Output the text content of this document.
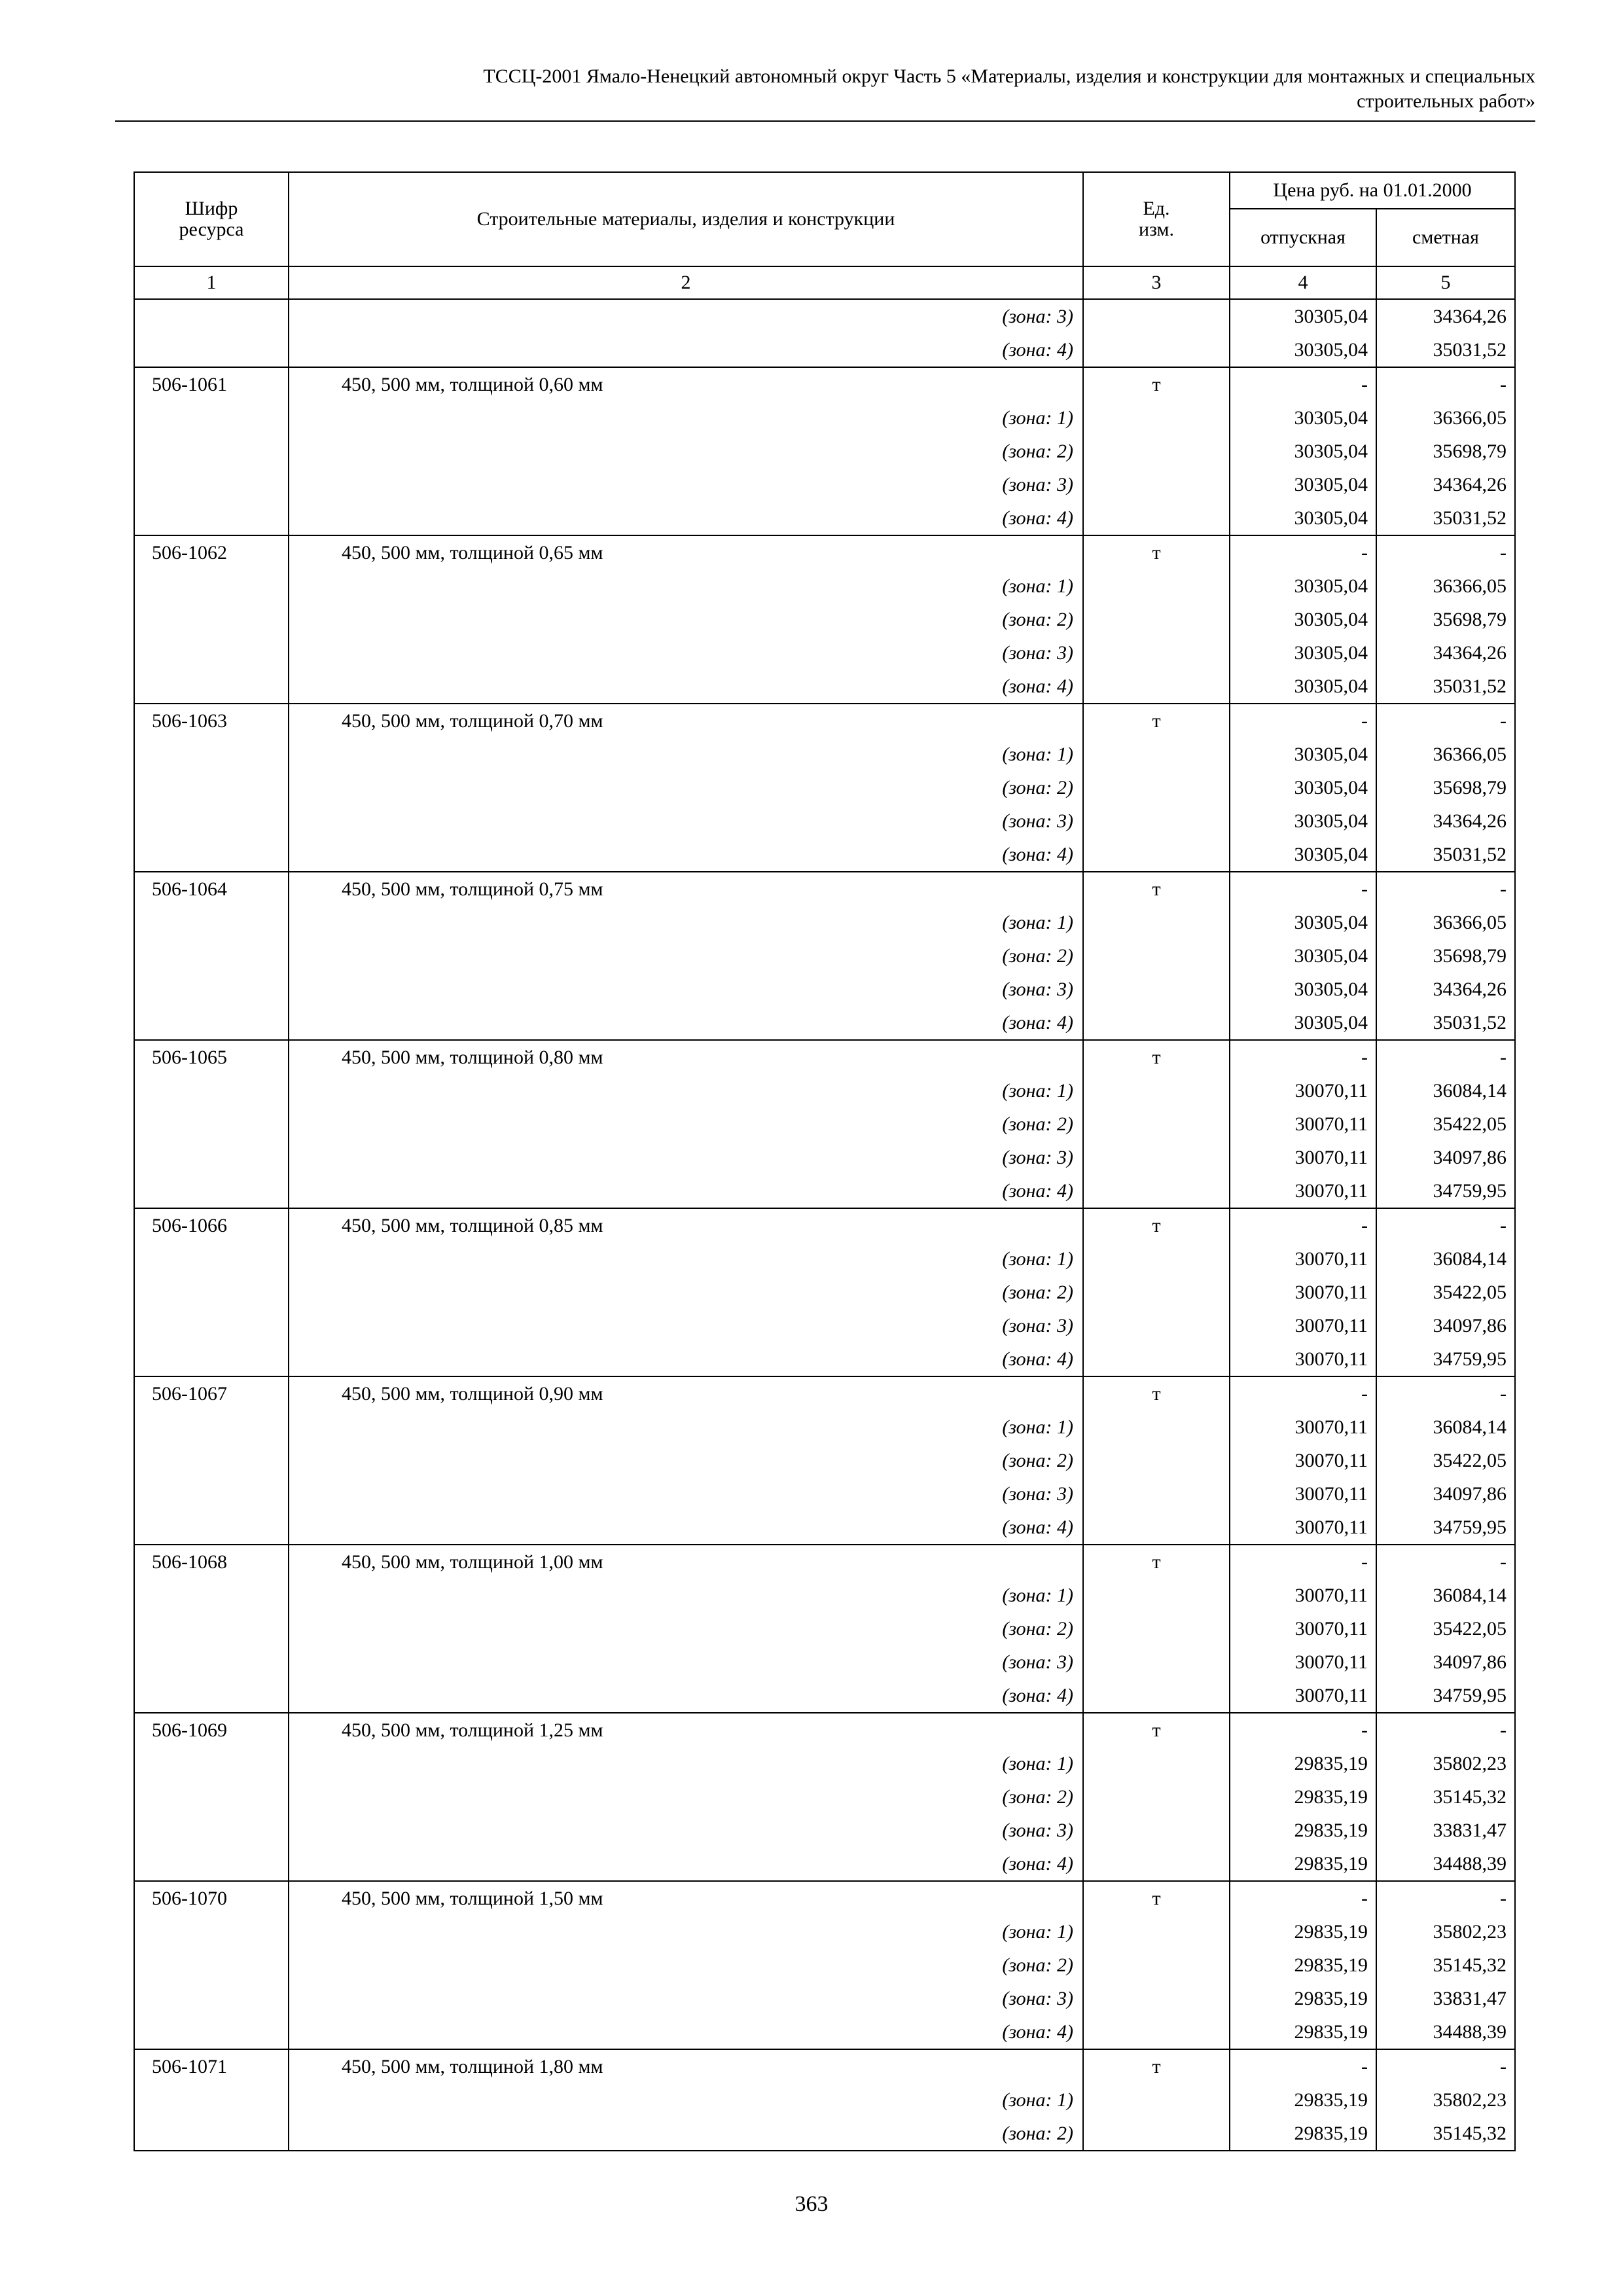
ТССЦ-2001 Ямало-Ненецкий автономный округ Часть 5 «Материалы, изделия и конструкции для монтажных и специальных
строительных работ»
Шифр ресурса	Строительные материалы, изделия и конструкции	Ед. изм.	Цена руб. на 01.01.2000	
			отпускная	сметная
1	2	3	4	5
	(зона: 3)		30305,04	34364,26
	(зона: 4)		30305,04	35031,52
506-1061	450, 500 мм, толщиной 0,60 мм	т	-	-
	(зона: 1)		30305,04	36366,05
	(зона: 2)		30305,04	35698,79
	(зона: 3)		30305,04	34364,26
	(зона: 4)		30305,04	35031,52
506-1062	450, 500 мм, толщиной 0,65 мм	т	-	-
	(зона: 1)		30305,04	36366,05
	(зона: 2)		30305,04	35698,79
	(зона: 3)		30305,04	34364,26
	(зона: 4)		30305,04	35031,52
506-1063	450, 500 мм, толщиной 0,70 мм	т	-	-
	(зона: 1)		30305,04	36366,05
	(зона: 2)		30305,04	35698,79
	(зона: 3)		30305,04	34364,26
	(зона: 4)		30305,04	35031,52
506-1064	450, 500 мм, толщиной 0,75 мм	т	-	-
	(зона: 1)		30305,04	36366,05
	(зона: 2)		30305,04	35698,79
	(зона: 3)		30305,04	34364,26
	(зона: 4)		30305,04	35031,52
506-1065	450, 500 мм, толщиной 0,80 мм	т	-	-
	(зона: 1)		30070,11	36084,14
	(зона: 2)		30070,11	35422,05
	(зона: 3)		30070,11	34097,86
	(зона: 4)		30070,11	34759,95
506-1066	450, 500 мм, толщиной 0,85 мм	т	-	-
	(зона: 1)		30070,11	36084,14
	(зона: 2)		30070,11	35422,05
	(зона: 3)		30070,11	34097,86
	(зона: 4)		30070,11	34759,95
506-1067	450, 500 мм, толщиной 0,90 мм	т	-	-
	(зона: 1)		30070,11	36084,14
	(зона: 2)		30070,11	35422,05
	(зона: 3)		30070,11	34097,86
	(зона: 4)		30070,11	34759,95
506-1068	450, 500 мм, толщиной 1,00 мм	т	-	-
	(зона: 1)		30070,11	36084,14
	(зона: 2)		30070,11	35422,05
	(зона: 3)		30070,11	34097,86
	(зона: 4)		30070,11	34759,95
506-1069	450, 500 мм, толщиной 1,25 мм	т	-	-
	(зона: 1)		29835,19	35802,23
	(зона: 2)		29835,19	35145,32
	(зона: 3)		29835,19	33831,47
	(зона: 4)		29835,19	34488,39
506-1070	450, 500 мм, толщиной 1,50 мм	т	-	-
	(зона: 1)		29835,19	35802,23
	(зона: 2)		29835,19	35145,32
	(зона: 3)		29835,19	33831,47
	(зона: 4)		29835,19	34488,39
506-1071	450, 500 мм, толщиной 1,80 мм	т	-	-
	(зона: 1)		29835,19	35802,23
	(зона: 2)		29835,19	35145,32
363
